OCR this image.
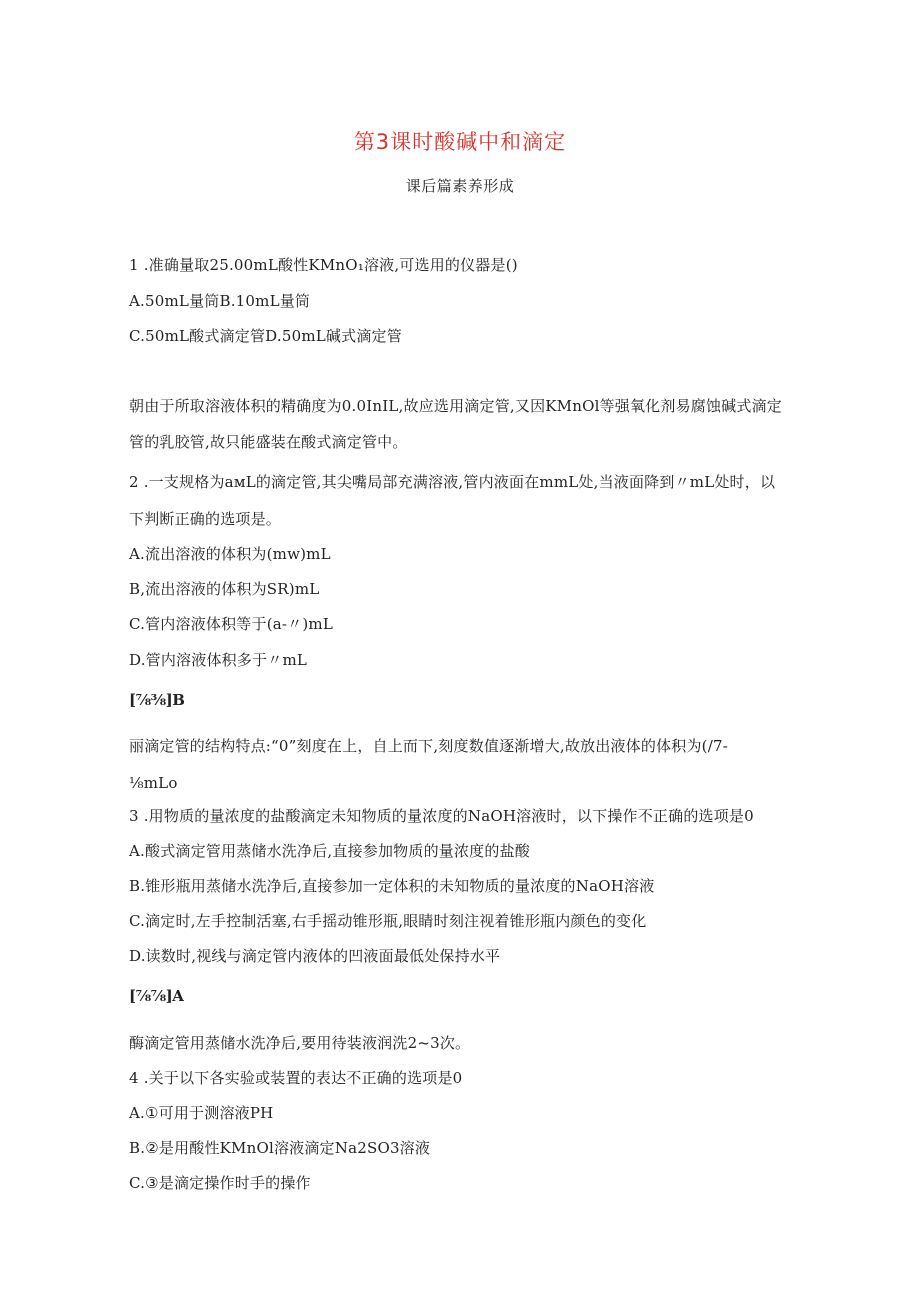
第3课时酸碱中和滴定
课后篇素养形成
1 .准确量取25.00mL酸性KMnO₁溶液,可选用的仪器是()
A.50mL量筒B.10mL量筒
C.50mL酸式滴定管D.50mL碱式滴定管
朝由于所取溶液体积的精确度为0.0InIL,故应选用滴定管,又因KMnOl等强氧化剂易腐蚀碱式滴定
管的乳胶管,故只能盛装在酸式滴定管中。
2 .一支规格为aмL的滴定管,其尖嘴局部充满溶液,管内液面在mmL处,当液面降到〃mL处时，以
下判断正确的选项是。
A.流出溶液的体积为(mw)mL
B,流出溶液的体积为SR)mL
C.管内溶液体积等于(a-〃)mL
D.管内溶液体积多于〃mL
[⅞⅜]B
丽滴定管的结构特点:“0”刻度在上，自上而下,刻度数值逐渐增大,故放出液体的体积为(/7-
⅛mLo
3 .用物质的量浓度的盐酸滴定未知物质的量浓度的NaOH溶液时，以下操作不正确的选项是0
A.酸式滴定管用蒸储水洗净后,直接参加物质的量浓度的盐酸
B.锥形瓶用蒸储水洗净后,直接参加一定体积的未知物质的量浓度的NaOH溶液
C.滴定时,左手控制活塞,右手摇动锥形瓶,眼睛时刻注视着锥形瓶内颜色的变化
D.读数时,视线与滴定管内液体的凹液面最低处保持水平
[⅞⅞]A
酶滴定管用蒸储水洗净后,要用待装液润洗2~3次。
4 .关于以下各实验或装置的表达不正确的选项是0
A.①可用于测溶液PH
B.②是用酸性KMnOl溶液滴定Na2SO3溶液
C.③是滴定操作时手的操作
